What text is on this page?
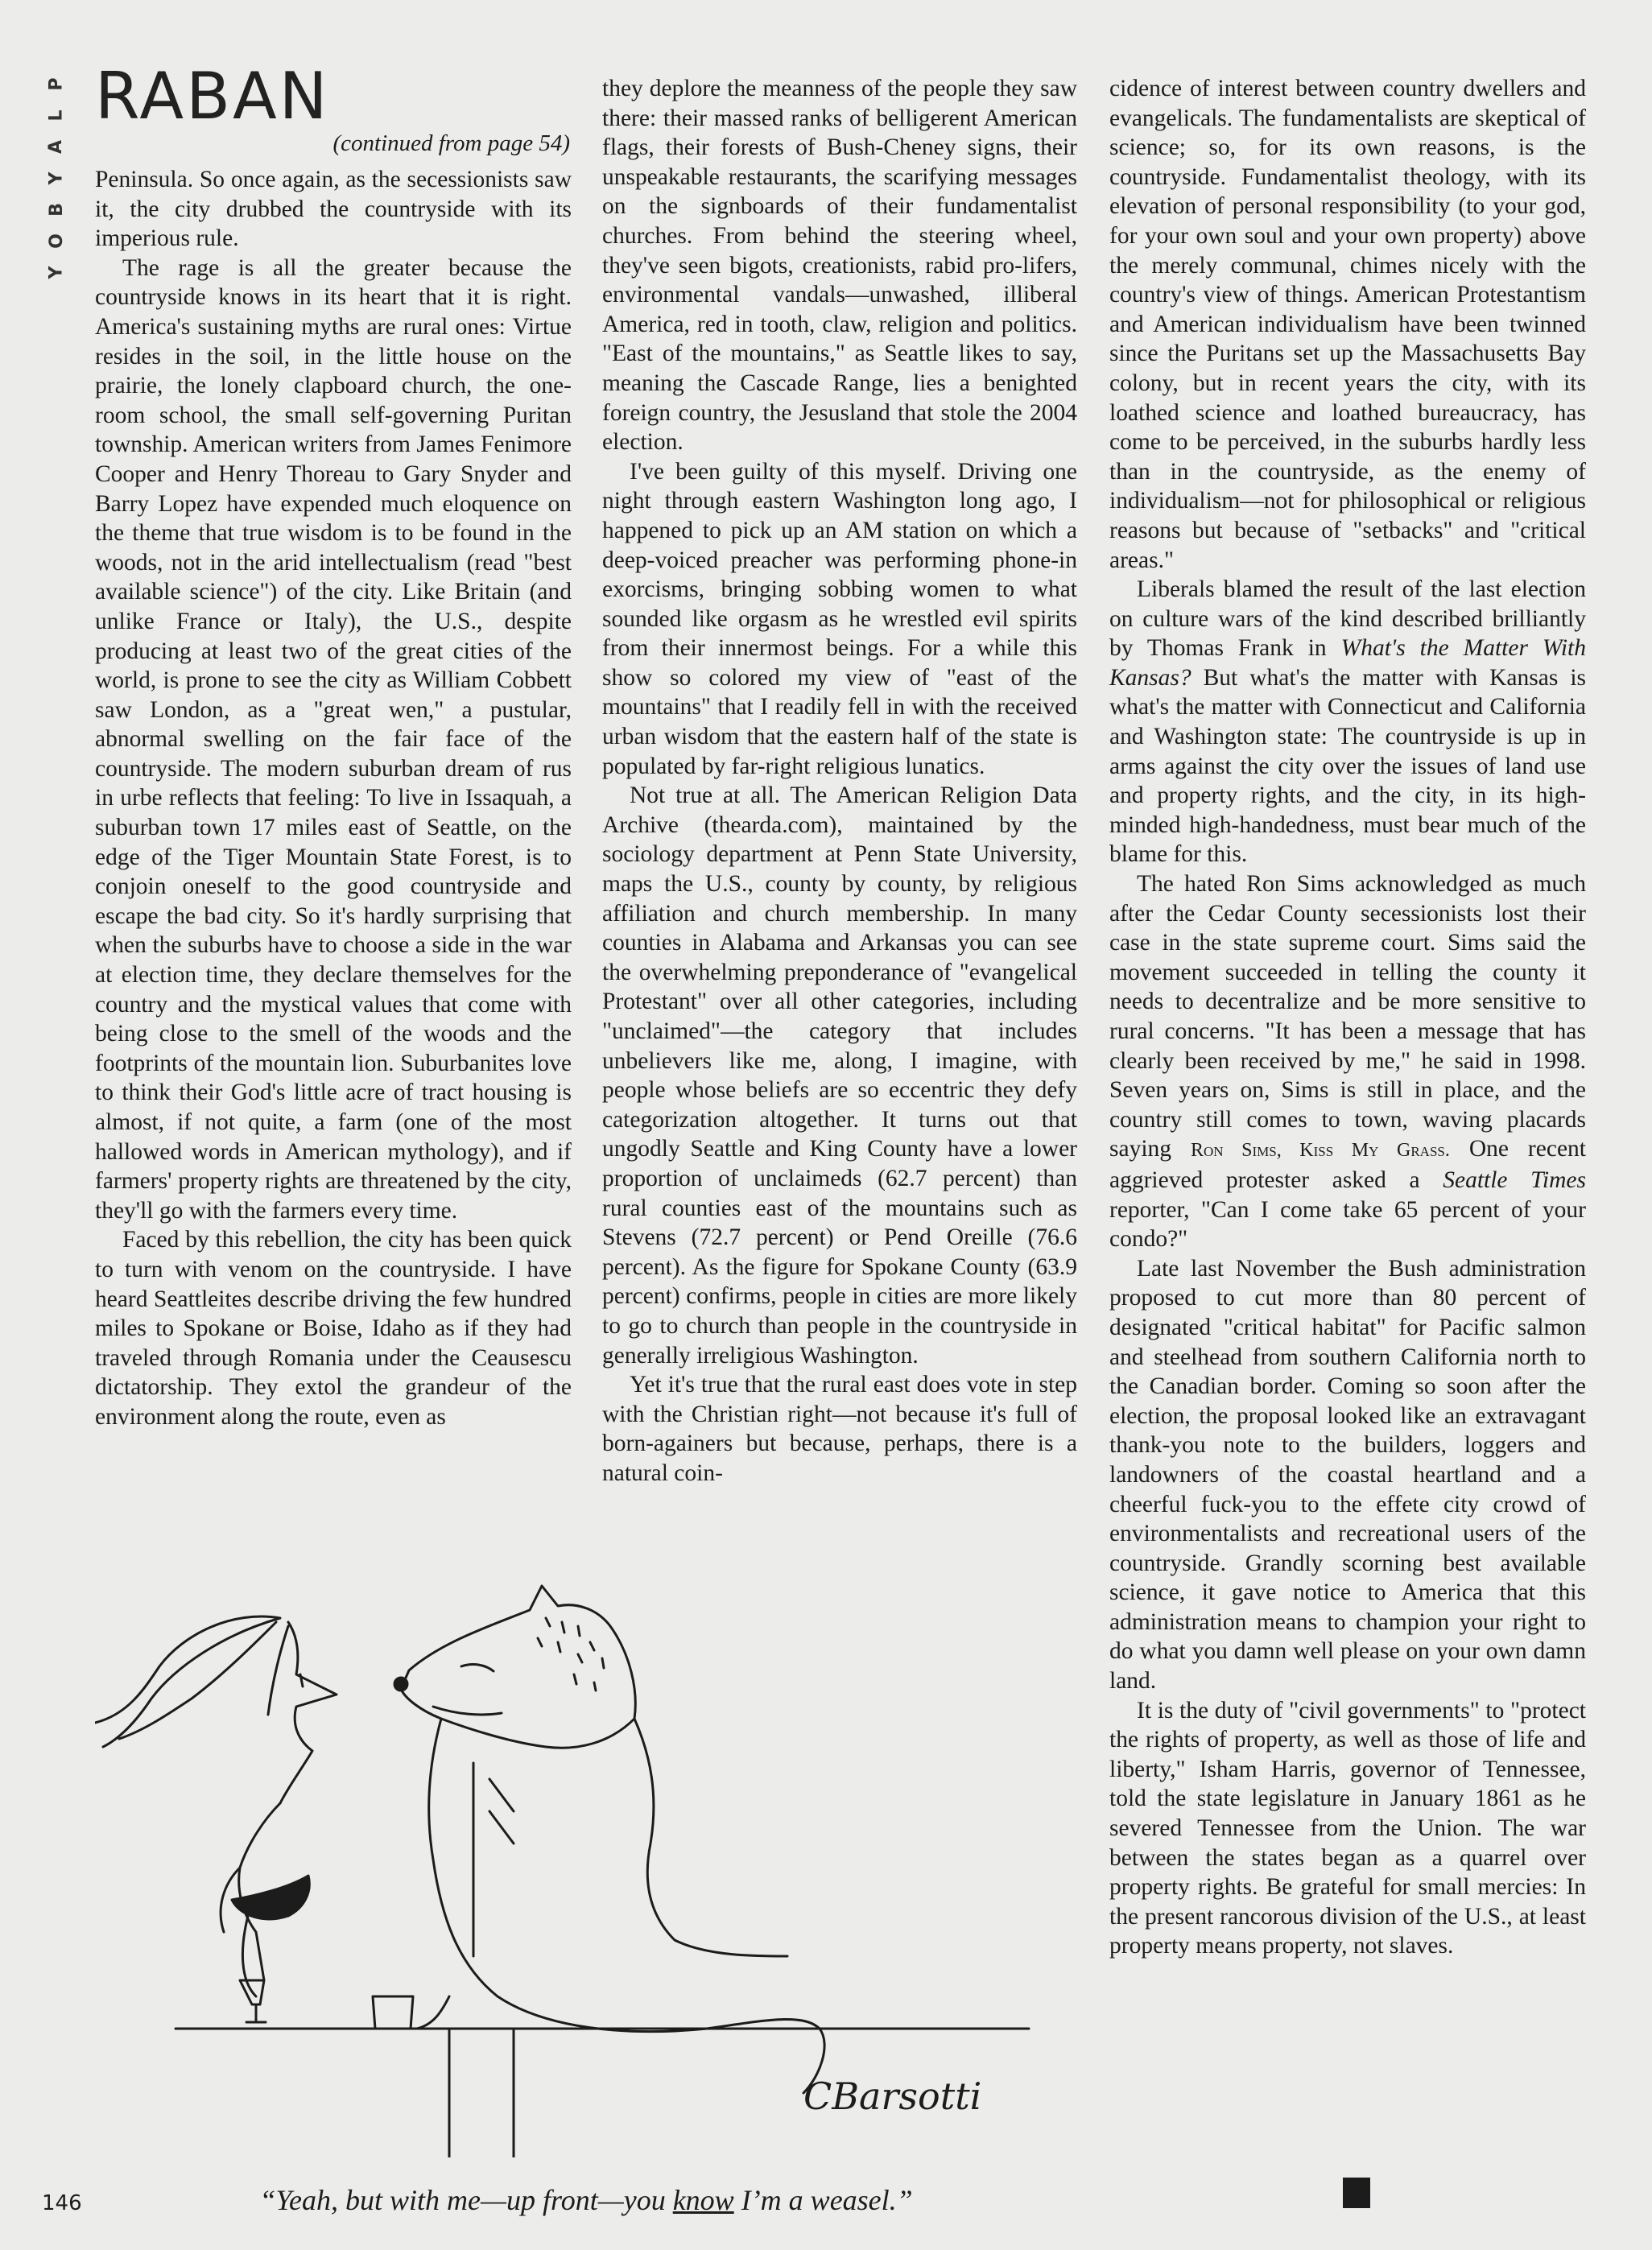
P
L
A
Y
B
O
Y
RABAN
(continued from page 54)

Peninsula. So once again, as the secessionists saw it, the city drubbed the countryside with its imperious rule.

The rage is all the greater because the countryside knows in its heart that it is right. America's sustaining myths are rural ones: Virtue resides in the soil, in the little house on the prairie, the lonely clapboard church, the one-room school, the small self-governing Puritan township. American writers from James Fenimore Cooper and Henry Thoreau to Gary Snyder and Barry Lopez have expended much eloquence on the theme that true wisdom is to be found in the woods, not in the arid intellectualism (read "best available science") of the city. Like Britain (and unlike France or Italy), the U.S., despite producing at least two of the great cities of the world, is prone to see the city as William Cobbett saw London, as a "great wen," a pustular, abnormal swelling on the fair face of the countryside. The modern suburban dream of rus in urbe reflects that feeling: To live in Issaquah, a suburban town 17 miles east of Seattle, on the edge of the Tiger Mountain State Forest, is to conjoin oneself to the good countryside and escape the bad city. So it's hardly surprising that when the suburbs have to choose a side in the war at election time, they declare themselves for the country and the mystical values that come with being close to the smell of the woods and the footprints of the mountain lion. Suburbanites love to think their God's little acre of tract housing is almost, if not quite, a farm (one of the most hallowed words in American mythology), and if farmers' property rights are threatened by the city, they'll go with the farmers every time.

Faced by this rebellion, the city has been quick to turn with venom on the countryside. I have heard Seattleites describe driving the few hundred miles to Spokane or Boise, Idaho as if they had traveled through Romania under the Ceausescu dictatorship. They extol the grandeur of the environment along the route, even as

they deplore the meanness of the people they saw there: their massed ranks of belligerent American flags, their forests of Bush-Cheney signs, their unspeakable restaurants, the scarifying messages on the signboards of their fundamentalist churches. From behind the steering wheel, they've seen bigots, creationists, rabid pro-lifers, environmental vandals—unwashed, illiberal America, red in tooth, claw, religion and politics. "East of the mountains," as Seattle likes to say, meaning the Cascade Range, lies a benighted foreign country, the Jesusland that stole the 2004 election.

I've been guilty of this myself. Driving one night through eastern Washington long ago, I happened to pick up an AM station on which a deep-voiced preacher was performing phone-in exorcisms, bringing sobbing women to what sounded like orgasm as he wrestled evil spirits from their innermost beings. For a while this show so colored my view of "east of the mountains" that I readily fell in with the received urban wisdom that the eastern half of the state is populated by far-right religious lunatics.

Not true at all. The American Religion Data Archive (thearda.com), maintained by the sociology department at Penn State University, maps the U.S., county by county, by religious affiliation and church membership. In many counties in Alabama and Arkansas you can see the overwhelming preponderance of "evangelical Protestant" over all other categories, including "unclaimed"—the category that includes unbelievers like me, along, I imagine, with people whose beliefs are so eccentric they defy categorization altogether. It turns out that ungodly Seattle and King County have a lower proportion of unclaimeds (62.7 percent) than rural counties east of the mountains such as Stevens (72.7 percent) or Pend Oreille (76.6 percent). As the figure for Spokane County (63.9 percent) confirms, people in cities are more likely to go to church than people in the countryside in generally irreligious Washington.

Yet it's true that the rural east does vote in step with the Christian right—not because it's full of born-againers but because, perhaps, there is a natural coin-

cidence of interest between country dwellers and evangelicals. The fundamentalists are skeptical of science; so, for its own reasons, is the countryside. Fundamentalist theology, with its elevation of personal responsibility (to your god, for your own soul and your own property) above the merely communal, chimes nicely with the country's view of things. American Protestantism and American individualism have been twinned since the Puritans set up the Massachusetts Bay colony, but in recent years the city, with its loathed science and loathed bureaucracy, has come to be perceived, in the suburbs hardly less than in the countryside, as the enemy of individualism—not for philosophical or religious reasons but because of "setbacks" and "critical areas."

Liberals blamed the result of the last election on culture wars of the kind described brilliantly by Thomas Frank in What's the Matter With Kansas? But what's the matter with Kansas is what's the matter with Connecticut and California and Washington state: The countryside is up in arms against the city over the issues of land use and property rights, and the city, in its high-minded high-handedness, must bear much of the blame for this.

The hated Ron Sims acknowledged as much after the Cedar County secessionists lost their case in the state supreme court. Sims said the movement succeeded in telling the county it needs to decentralize and be more sensitive to rural concerns. "It has been a message that has clearly been received by me," he said in 1998. Seven years on, Sims is still in place, and the country still comes to town, waving placards saying Ron Sims, Kiss My Grass. One recent aggrieved protester asked a Seattle Times reporter, "Can I come take 65 percent of your condo?"

Late last November the Bush administration proposed to cut more than 80 percent of designated "critical habitat" for Pacific salmon and steelhead from southern California north to the Canadian border. Coming so soon after the election, the proposal looked like an extravagant thank-you note to the builders, loggers and landowners of the coastal heartland and a cheerful fuck-you to the effete city crowd of environmentalists and recreational users of the countryside. Grandly scorning best available science, it gave notice to America that this administration means to champion your right to do what you damn well please on your own damn land.

It is the duty of "civil governments" to "protect the rights of property, as well as those of life and liberty," Isham Harris, governor of Tennessee, told the state legislature in January 1861 as he severed Tennessee from the Union. The war between the states began as a quarrel over property rights. Be grateful for small mercies: In the present rancorous division of the U.S., at least property means property, not slaves.

CBarsotti
“Yeah, but with me—up front—you know I’m a weasel.”
146
